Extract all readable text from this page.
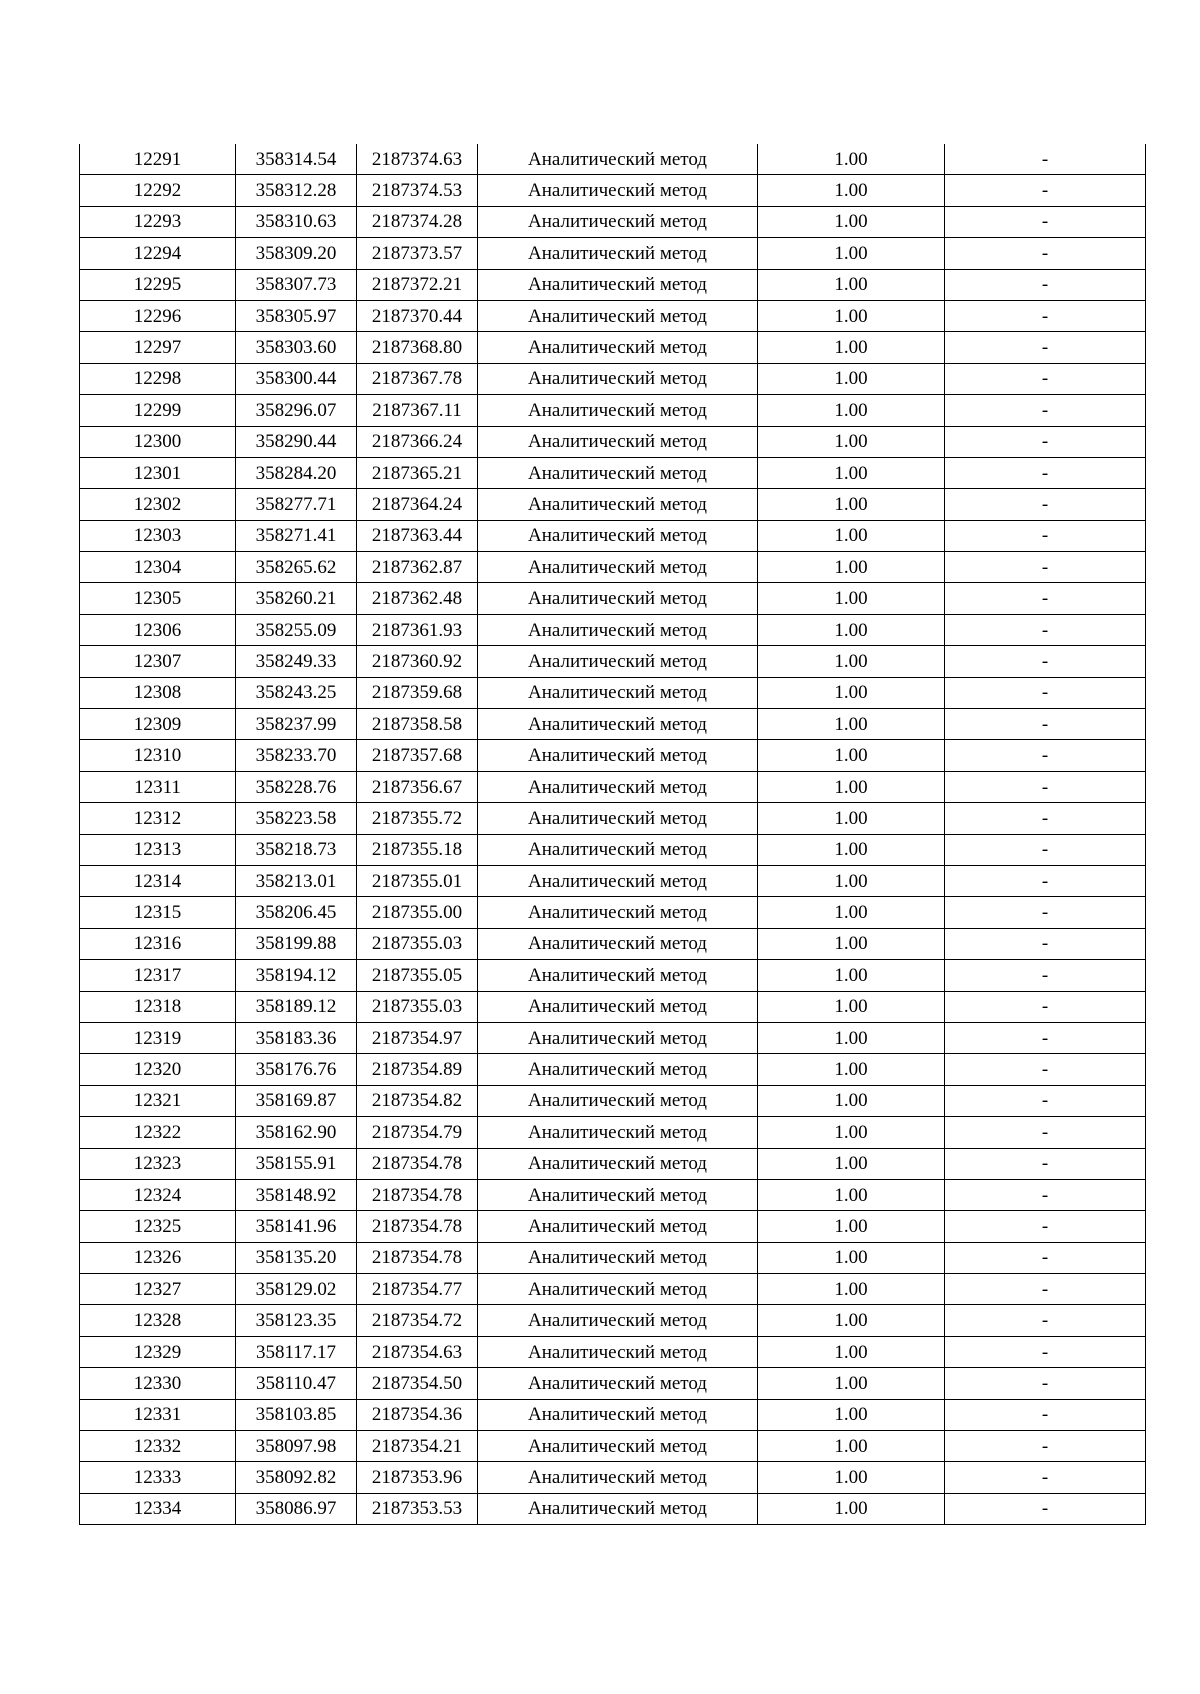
12291	358314.54	2187374.63	Аналитический метод	1.00	-
12292	358312.28	2187374.53	Аналитический метод	1.00	-
12293	358310.63	2187374.28	Аналитический метод	1.00	-
12294	358309.20	2187373.57	Аналитический метод	1.00	-
12295	358307.73	2187372.21	Аналитический метод	1.00	-
12296	358305.97	2187370.44	Аналитический метод	1.00	-
12297	358303.60	2187368.80	Аналитический метод	1.00	-
12298	358300.44	2187367.78	Аналитический метод	1.00	-
12299	358296.07	2187367.11	Аналитический метод	1.00	-
12300	358290.44	2187366.24	Аналитический метод	1.00	-
12301	358284.20	2187365.21	Аналитический метод	1.00	-
12302	358277.71	2187364.24	Аналитический метод	1.00	-
12303	358271.41	2187363.44	Аналитический метод	1.00	-
12304	358265.62	2187362.87	Аналитический метод	1.00	-
12305	358260.21	2187362.48	Аналитический метод	1.00	-
12306	358255.09	2187361.93	Аналитический метод	1.00	-
12307	358249.33	2187360.92	Аналитический метод	1.00	-
12308	358243.25	2187359.68	Аналитический метод	1.00	-
12309	358237.99	2187358.58	Аналитический метод	1.00	-
12310	358233.70	2187357.68	Аналитический метод	1.00	-
12311	358228.76	2187356.67	Аналитический метод	1.00	-
12312	358223.58	2187355.72	Аналитический метод	1.00	-
12313	358218.73	2187355.18	Аналитический метод	1.00	-
12314	358213.01	2187355.01	Аналитический метод	1.00	-
12315	358206.45	2187355.00	Аналитический метод	1.00	-
12316	358199.88	2187355.03	Аналитический метод	1.00	-
12317	358194.12	2187355.05	Аналитический метод	1.00	-
12318	358189.12	2187355.03	Аналитический метод	1.00	-
12319	358183.36	2187354.97	Аналитический метод	1.00	-
12320	358176.76	2187354.89	Аналитический метод	1.00	-
12321	358169.87	2187354.82	Аналитический метод	1.00	-
12322	358162.90	2187354.79	Аналитический метод	1.00	-
12323	358155.91	2187354.78	Аналитический метод	1.00	-
12324	358148.92	2187354.78	Аналитический метод	1.00	-
12325	358141.96	2187354.78	Аналитический метод	1.00	-
12326	358135.20	2187354.78	Аналитический метод	1.00	-
12327	358129.02	2187354.77	Аналитический метод	1.00	-
12328	358123.35	2187354.72	Аналитический метод	1.00	-
12329	358117.17	2187354.63	Аналитический метод	1.00	-
12330	358110.47	2187354.50	Аналитический метод	1.00	-
12331	358103.85	2187354.36	Аналитический метод	1.00	-
12332	358097.98	2187354.21	Аналитический метод	1.00	-
12333	358092.82	2187353.96	Аналитический метод	1.00	-
12334	358086.97	2187353.53	Аналитический метод	1.00	-
